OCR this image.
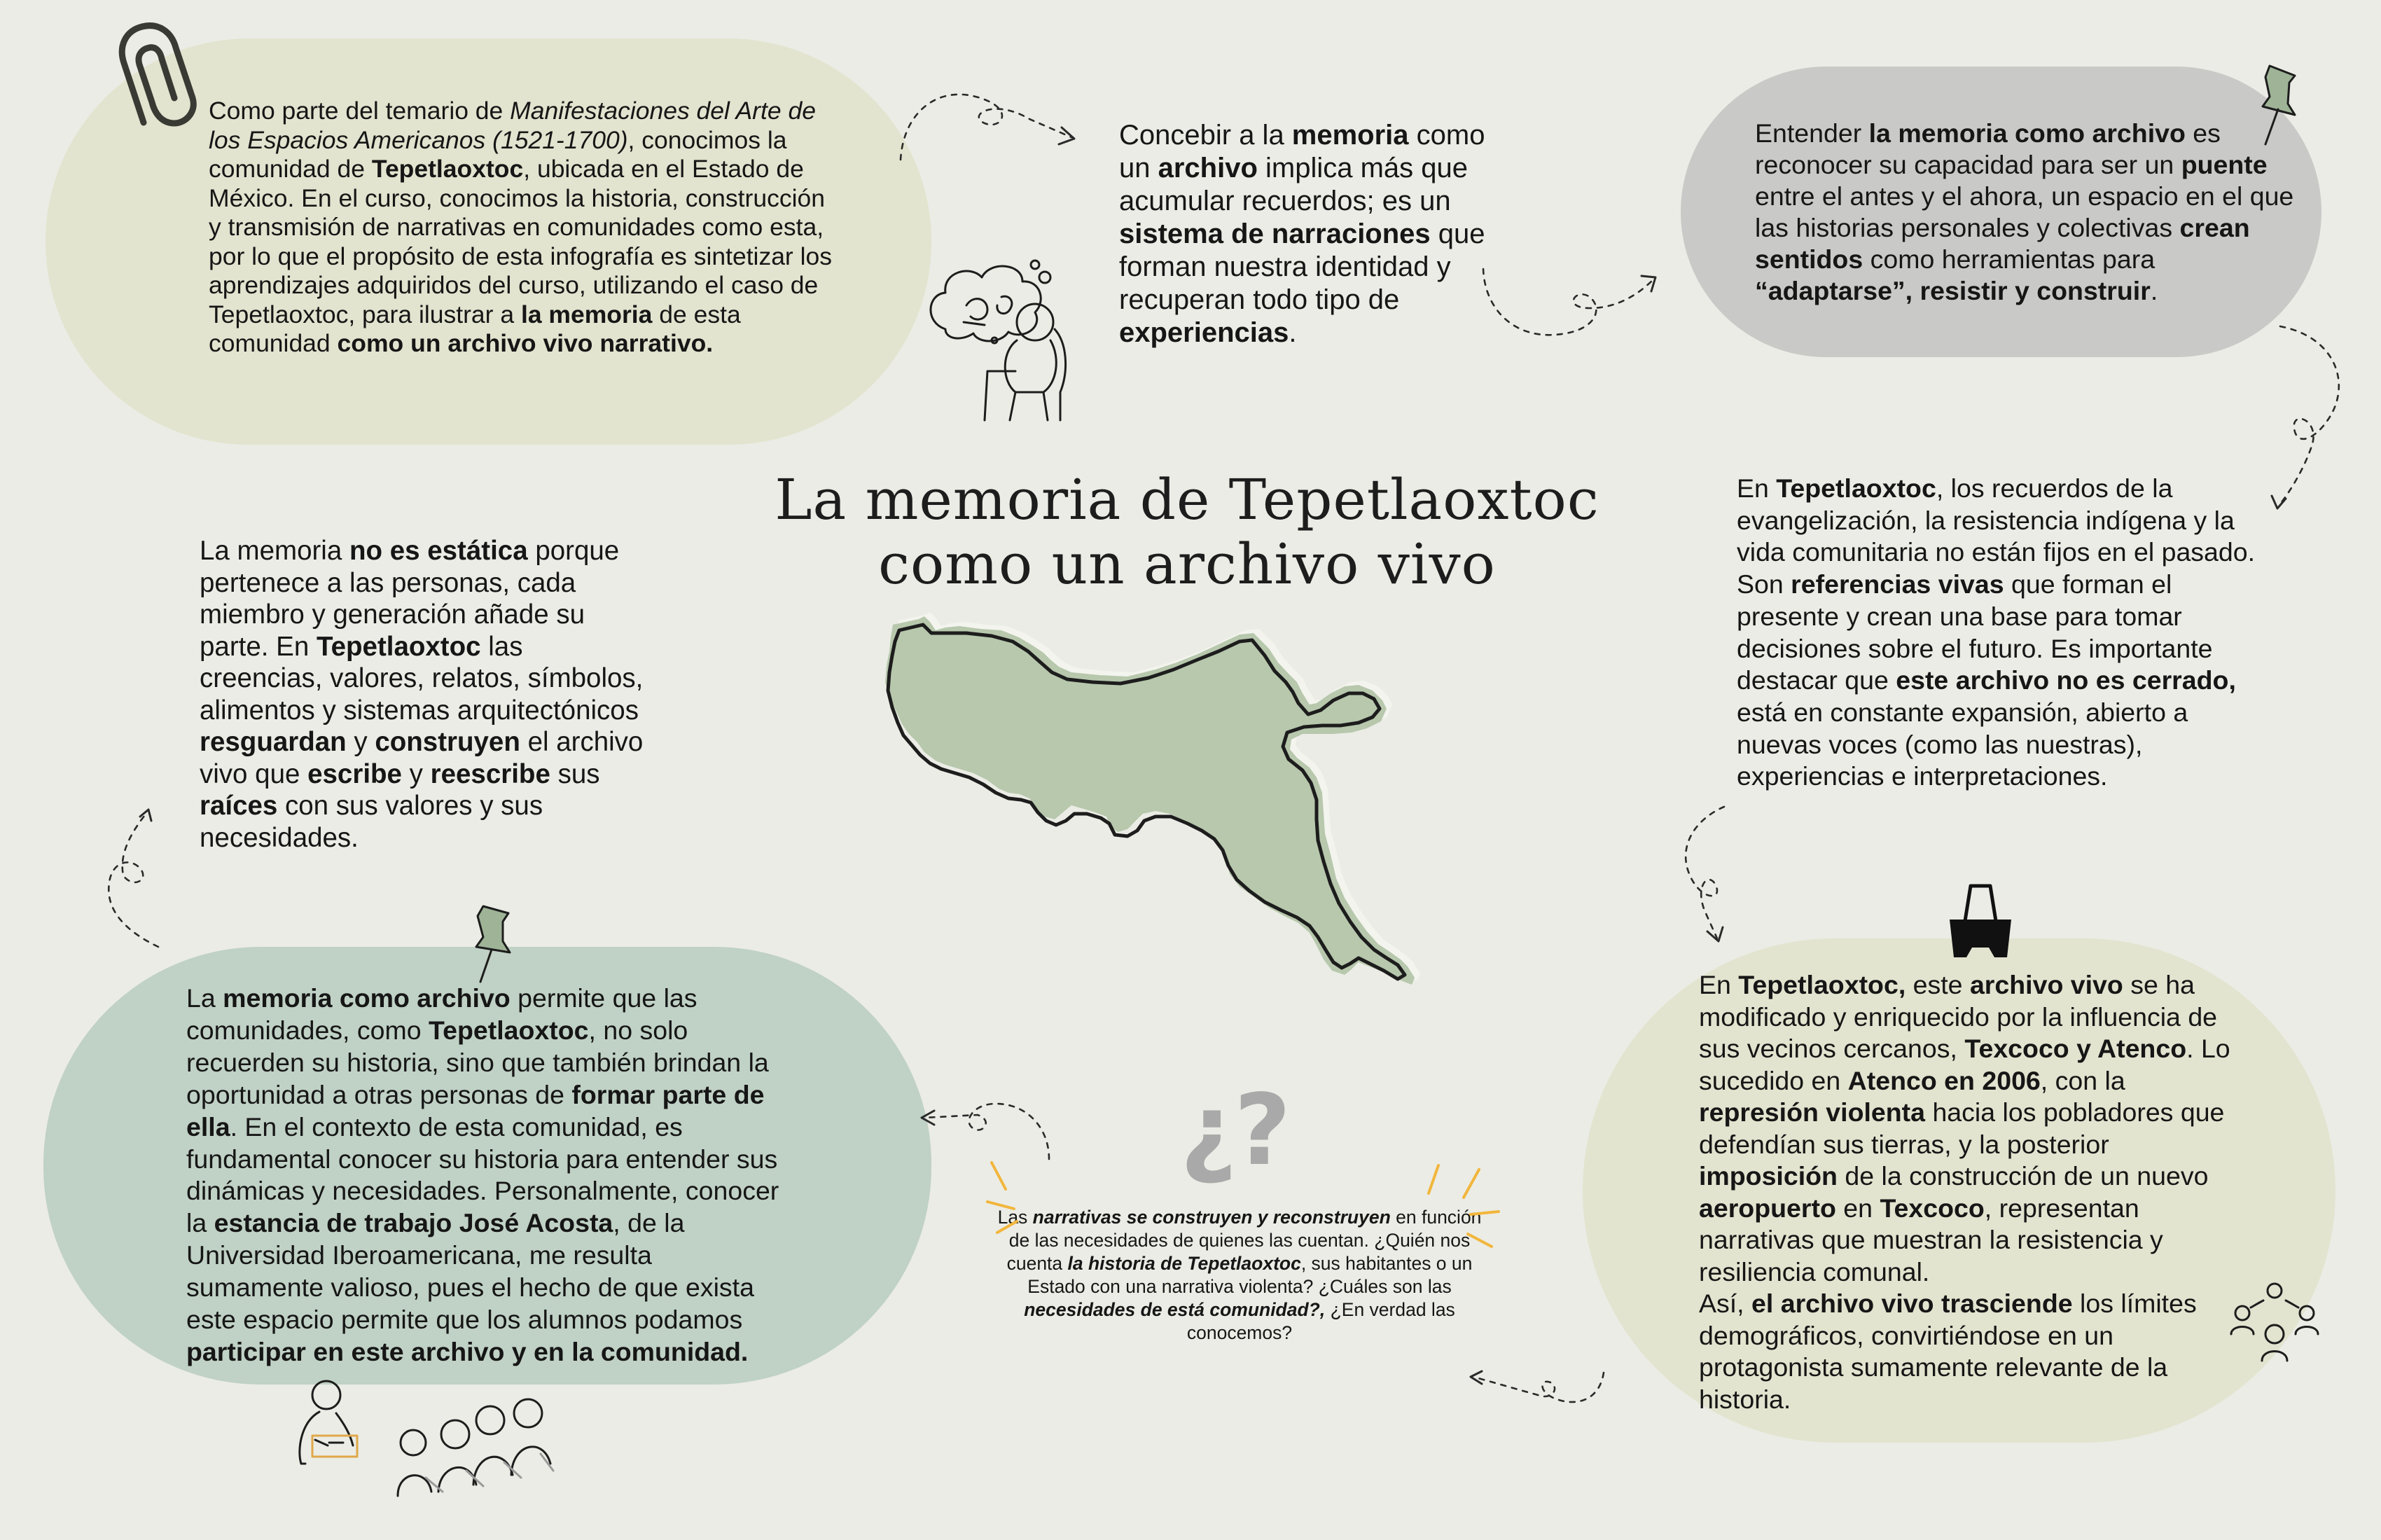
La memoria de Tepetlaoxtoc
como un archivo vivo

Como parte del temario de Manifestaciones del Arte de los Espacios Americanos (1521-1700), conocimos la comunidad de Tepetlaoxtoc, ubicada en el Estado de México. En el curso, conocimos la historia, construcción y transmisión de narrativas en comunidades como esta, por lo que el propósito de esta infografía es sintetizar los aprendizajes adquiridos del curso, utilizando el caso de Tepetlaoxtoc, para ilustrar a la memoria de esta comunidad como un archivo vivo narrativo.

Concebir a la memoria como un archivo implica más que acumular recuerdos; es un sistema de narraciones que forman nuestra identidad y recuperan todo tipo de experiencias.

Entender la memoria como archivo es reconocer su capacidad para ser un puente entre el antes y el ahora, un espacio en el que las historias personales y colectivas crean sentidos como herramientas para “adaptarse”, resistir y construir.

En Tepetlaoxtoc, los recuerdos de la evangelización, la resistencia indígena y la vida comunitaria no están fijos en el pasado. Son referencias vivas que forman el presente y crean una base para tomar decisiones sobre el futuro. Es importante destacar que este archivo no es cerrado, está en constante expansión, abierto a nuevas voces (como las nuestras), experiencias e interpretaciones.

La memoria no es estática porque pertenece a las personas, cada miembro y generación añade su parte. En Tepetlaoxtoc las creencias, valores, relatos, símbolos, alimentos y sistemas arquitectónicos resguardan y construyen el archivo vivo que escribe y reescribe sus raíces con sus valores y sus necesidades.

La memoria como archivo permite que las comunidades, como Tepetlaoxtoc, no solo recuerden su historia, sino que también brindan la oportunidad a otras personas de formar parte de ella. En el contexto de esta comunidad, es fundamental conocer su historia para entender sus dinámicas y necesidades. Personalmente, conocer la estancia de trabajo José Acosta, de la Universidad Iberoamericana, me resulta sumamente valioso, pues el hecho de que exista este espacio permite que los alumnos podamos participar en este archivo y en la comunidad.

Las narrativas se construyen y reconstruyen en función de las necesidades de quienes las cuentan. ¿Quién nos cuenta la historia de Tepetlaoxtoc, sus habitantes o un Estado con una narrativa violenta? ¿Cuáles son las necesidades de está comunidad?, ¿En verdad las conocemos?

En Tepetlaoxtoc, este archivo vivo se ha modificado y enriquecido por la influencia de sus vecinos cercanos, Texcoco y Atenco. Lo sucedido en Atenco en 2006, con la represión violenta hacia los pobladores que defendían sus tierras, y la posterior imposición de la construcción de un nuevo aeropuerto en Texcoco, representan narrativas que muestran la resistencia y resiliencia comunal.
Así, el archivo vivo trasciende los límites demográficos, convirtiéndose en un protagonista sumamente relevante de la historia.

¿?
